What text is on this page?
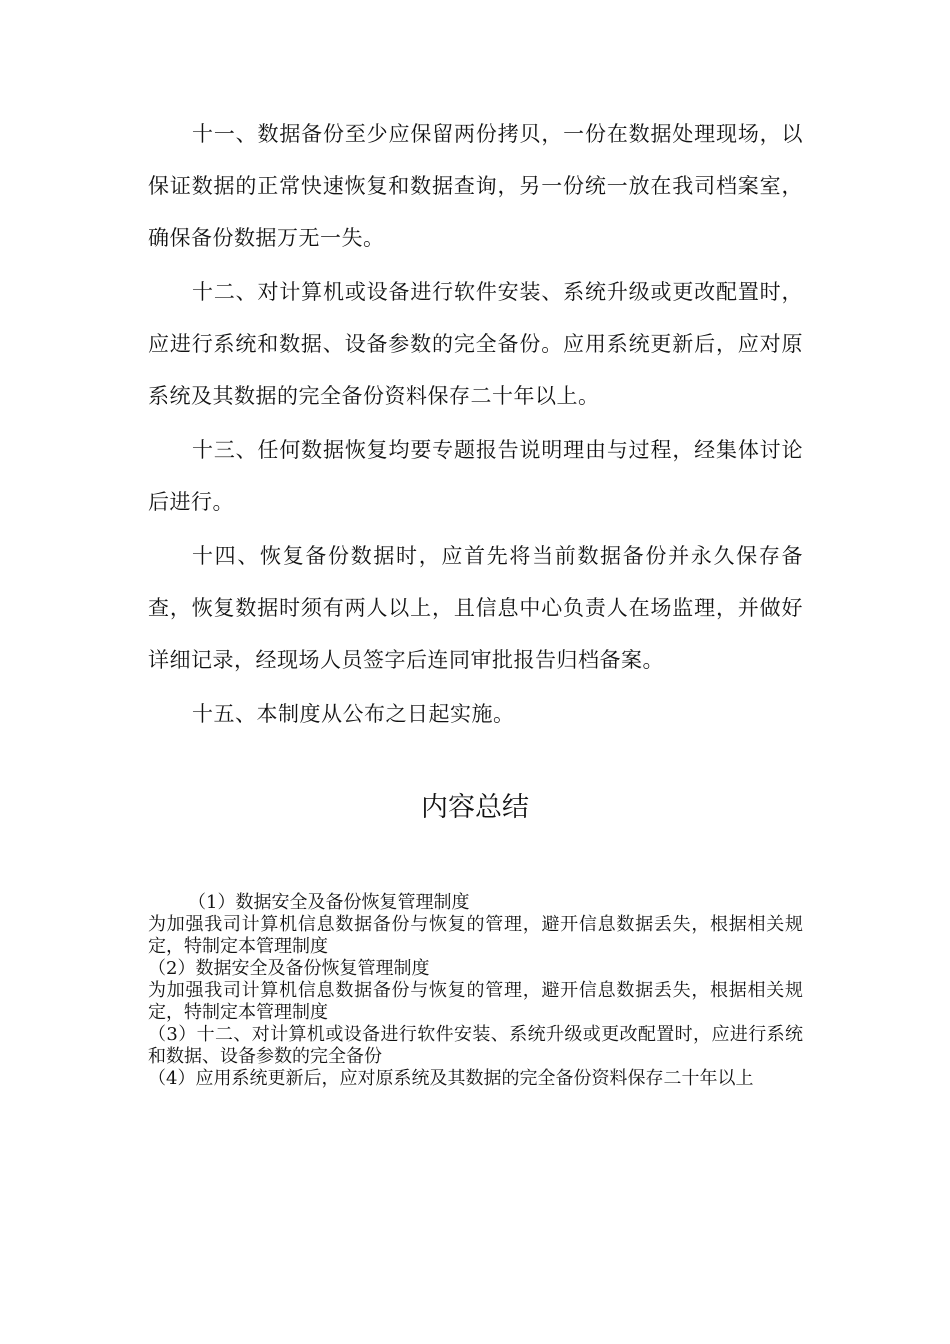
十一、数据备份至少应保留两份拷贝，一份在数据处理现场，以保证数据的正常快速恢复和数据查询，另一份统一放在我司档案室，确保备份数据万无一失。

十二、对计算机或设备进行软件安装、系统升级或更改配置时，应进行系统和数据、设备参数的完全备份。应用系统更新后，应对原系统及其数据的完全备份资料保存二十年以上。

十三、任何数据恢复均要专题报告说明理由与过程，经集体讨论后进行。

十四、恢复备份数据时，应首先将当前数据备份并永久保存备查，恢复数据时须有两人以上，且信息中心负责人在场监理，并做好详细记录，经现场人员签字后连同审批报告归档备案。

十五、本制度从公布之日起实施。

内容总结

（1）数据安全及备份恢复管理制度

为加强我司计算机信息数据备份与恢复的管理，避开信息数据丢失，根据相关规定，特制定本管理制度

（2）数据安全及备份恢复管理制度

为加强我司计算机信息数据备份与恢复的管理，避开信息数据丢失，根据相关规定，特制定本管理制度

（3）十二、对计算机或设备进行软件安装、系统升级或更改配置时，应进行系统和数据、设备参数的完全备份

（4）应用系统更新后，应对原系统及其数据的完全备份资料保存二十年以上
